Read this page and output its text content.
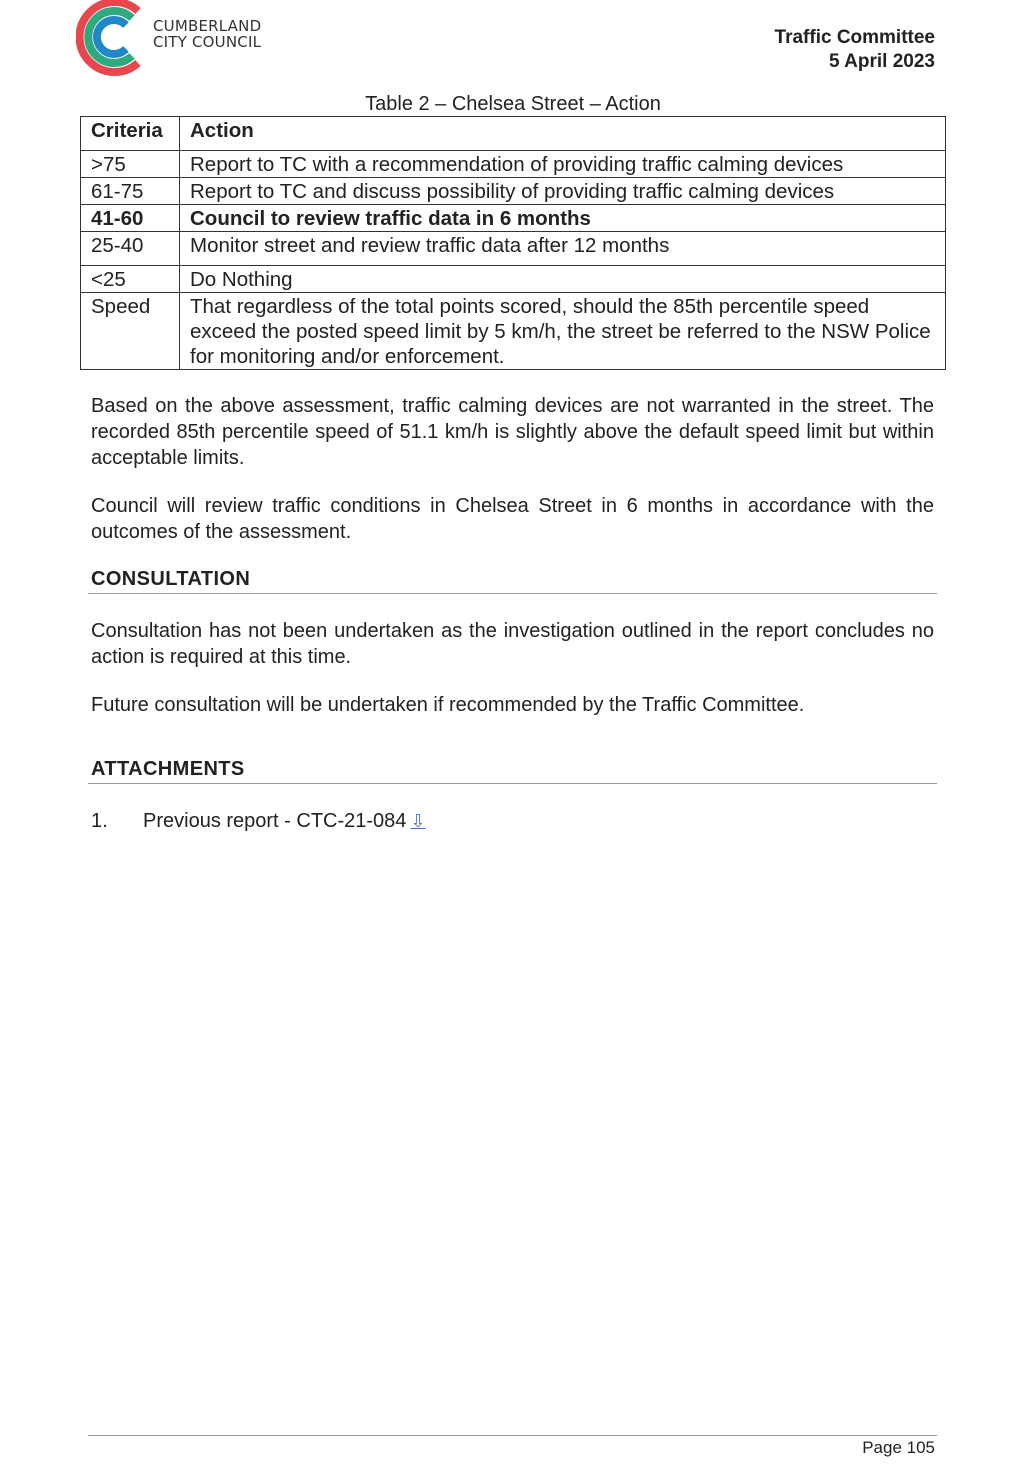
CUMBERLAND
CITY COUNCIL	Traffic Committee
5 April 2023
Table 2 – Chelsea Street – Action
Criteria	Action
>75	Report to TC with a recommendation of providing traffic calming devices
61-75	Report to TC and discuss possibility of providing traffic calming devices
41-60	Council to review traffic data in 6 months
25-40	Monitor street and review traffic data after 12 months
<25	Do Nothing
Speed	That regardless of the total points scored, should the 85th percentile speed exceed the posted speed limit by 5 km/h, the street be referred to the NSW Police for monitoring and/or enforcement.
Based on the above assessment, traffic calming devices are not warranted in the street. The recorded 85th percentile speed of 51.1 km/h is slightly above the default speed limit but within acceptable limits.
Council will review traffic conditions in Chelsea Street in 6 months in accordance with the outcomes of the assessment.
CONSULTATION
Consultation has not been undertaken as the investigation outlined in the report concludes no action is required at this time.
Future consultation will be undertaken if recommended by the Traffic Committee.
ATTACHMENTS
1. Previous report - CTC-21-084 ⇩
Page 105
